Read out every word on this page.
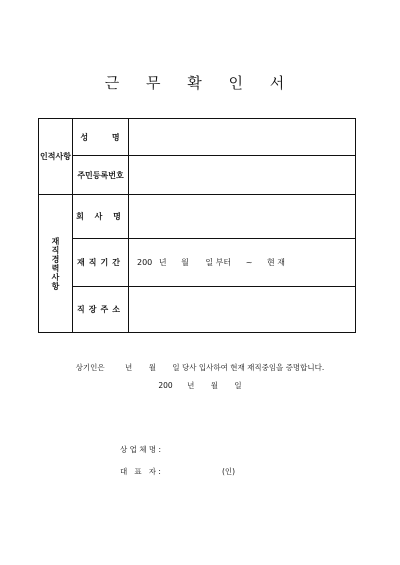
근 무 확 인 서
인적사항	성      명	
	주민등록번호	

재직경력사항	회 사 명	
	재직기간	200 년 월 일 부터 ~ 현 재
	직장주소	
상기인은	년 월 일 당사 입사하여 현재 재직중임을 증명합니다.
200 년 월 일
상 업 체 명 :
대   표   자 :	(인)
